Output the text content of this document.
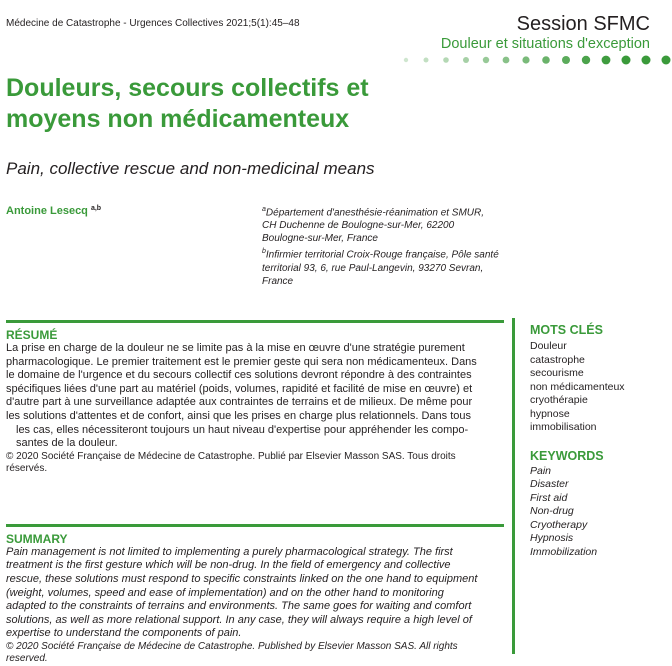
Médecine de Catastrophe - Urgences Collectives 2021;5(1):45–48	Session SFMC
Douleur et situations d'exception
Douleurs, secours collectifs et
moyens non médicamenteux
Pain, collective rescue and non-medicinal means
Antoine Lesecq $^{a,b}$	$^a$Département d'anesthésie-réanimation et SMUR,
CH Duchenne de Boulogne-sur-Mer, 62200
Boulogne-sur-Mer, France

$^b$Infirmier territorial Croix-Rouge française, Pôle santé
territorial 93, 6, rue Paul-Langevin, 93270 Sevran,
France

RÉSUMÉ
La prise en charge de la douleur ne se limite pas à la mise en œuvre d'une stratégie purement
pharmacologique. Le premier traitement est le premier geste qui sera non médicamenteux. Dans
le domaine de l'urgence et du secours collectif ces solutions devront répondre à des contraintes
spécifiques liées d'une part au matériel (poids, volumes, rapidité et facilité de mise en œuvre) et
d'autre part à une surveillance adaptée aux contraintes de terrains et de milieux. De même pour
les solutions d'attentes et de confort, ainsi que les prises en charge plus relationnels. Dans tous
les cas, elles nécessiteront toujours un haut niveau d'expertise pour appréhender les compo-
santes de la douleur.
© 2020 Société Française de Médecine de Catastrophe. Publié par Elsevier Masson SAS. Tous droits
réservés.
SUMMARY
Pain management is not limited to implementing a purely pharmacological strategy. The first
treatment is the first gesture which will be non-drug. In the field of emergency and collective
rescue, these solutions must respond to specific constraints linked on the one hand to equipment
(weight, volumes, speed and ease of implementation) and on the other hand to monitoring
adapted to the constraints of terrains and environments. The same goes for waiting and comfort
solutions, as well as more relational support. In any case, they will always require a high level of
expertise to understand the components of pain.
© 2020 Société Française de Médecine de Catastrophe. Published by Elsevier Masson SAS. All rights
reserved.
MOTS CLÉS
Douleur
catastrophe
secourisme
non médicamenteux
cryothérapie
hypnose
immobilisation
KEYWORDS
Pain
Disaster
First aid
Non-drug
Cryotherapy
Hypnosis
Immobilization
